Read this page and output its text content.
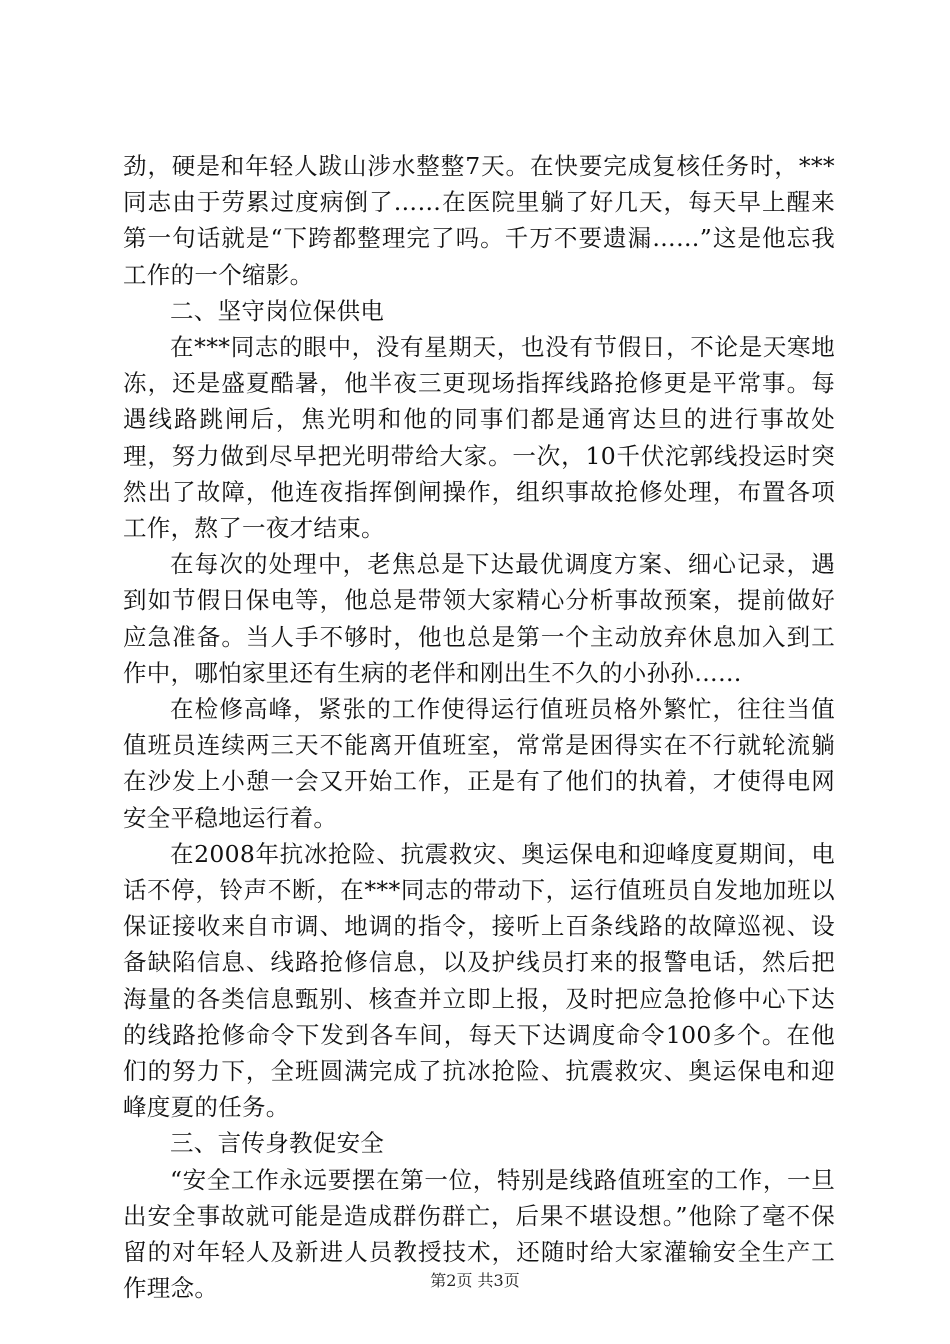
劲，硬是和年轻人跋山涉水整整7天。在快要完成复核任务时，***同志由于劳累过度病倒了……在医院里躺了好几天，每天早上醒来第一句话就是“下跨都整理完了吗。千万不要遗漏……”这是他忘我工作的一个缩影。

二、坚守岗位保供电

在***同志的眼中，没有星期天，也没有节假日，不论是天寒地冻，还是盛夏酷暑，他半夜三更现场指挥线路抢修更是平常事。每遇线路跳闸后，焦光明和他的同事们都是通宵达旦的进行事故处理，努力做到尽早把光明带给大家。一次，10千伏沱郭线投运时突然出了故障，他连夜指挥倒闸操作，组织事故抢修处理，布置各项工作，熬了一夜才结束。

在每次的处理中，老焦总是下达最优调度方案、细心记录，遇到如节假日保电等，他总是带领大家精心分析事故预案，提前做好应急准备。当人手不够时，他也总是第一个主动放弃休息加入到工作中，哪怕家里还有生病的老伴和刚出生不久的小孙孙……

在检修高峰，紧张的工作使得运行值班员格外繁忙，往往当值值班员连续两三天不能离开值班室，常常是困得实在不行就轮流躺在沙发上小憩一会又开始工作，正是有了他们的执着，才使得电网安全平稳地运行着。

在2008年抗冰抢险、抗震救灾、奥运保电和迎峰度夏期间，电话不停，铃声不断，在***同志的带动下，运行值班员自发地加班以保证接收来自市调、地调的指令，接听上百条线路的故障巡视、设备缺陷信息、线路抢修信息，以及护线员打来的报警电话，然后把海量的各类信息甄别、核查并立即上报，及时把应急抢修中心下达的线路抢修命令下发到各车间，每天下达调度命令100多个。在他们的努力下，全班圆满完成了抗冰抢险、抗震救灾、奥运保电和迎峰度夏的任务。

三、言传身教促安全

“安全工作永远要摆在第一位，特别是线路值班室的工作，一旦出安全事故就可能是造成群伤群亡，后果不堪设想。”他除了毫不保留的对年轻人及新进人员教授技术，还随时给大家灌输安全生产工作理念。	第2页 共3页
